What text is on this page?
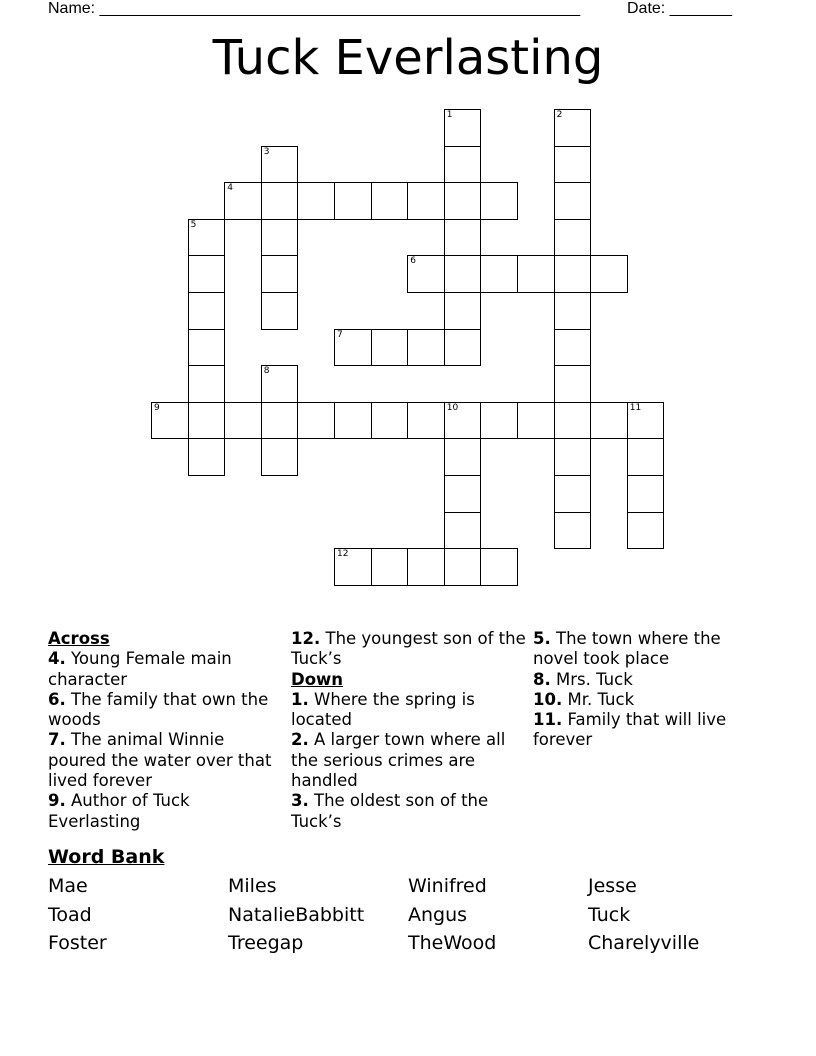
Name: ______________________________________________________	Date: _______
Tuck Everlasting
1	2
3
4
5
6
7
8
9	10	11
12
Across
4. Young Female main character
6. The family that own the woods
7. The animal Winnie poured the water over that lived forever
9. Author of Tuck Everlasting
12. The youngest son of the Tuck’s
Down
1. Where the spring is located
2. A larger town where all the serious crimes are handled
3. The oldest son of the Tuck’s
5. The town where the novel took place
8. Mrs. Tuck
10. Mr. Tuck
11. Family that will live forever
Word Bank
Mae	Miles	Winifred	Jesse
Toad	NatalieBabbitt Angus	Tuck
Foster	Treegap	TheWood	Charelyville
